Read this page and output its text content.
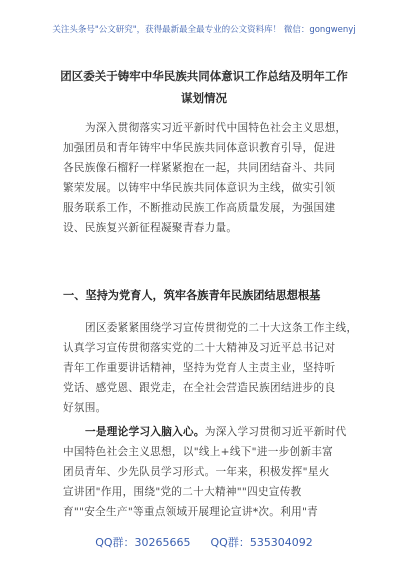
关注头条号"公文研究"，获得最新最全最专业的公文资料库！ 微信：gongwenyj
团区委关于铸牢中华民族共同体意识工作总结及明年工作
谋划情况
为深入贯彻落实习近平新时代中国特色社会主义思想，
加强团员和青年铸牢中华民族共同体意识教育引导，促进
各民族像石榴籽一样紧紧抱在一起，共同团结奋斗、共同
繁荣发展。以铸牢中华民族共同体意识为主线，做实引领
服务联系工作，不断推动民族工作高质量发展，为强国建
设、民族复兴新征程凝聚青春力量。
一、坚持为党育人，筑牢各族青年民族团结思想根基
团区委紧紧围绕学习宣传贯彻党的二十大这条工作主线，
认真学习宣传贯彻落实党的二十大精神及习近平总书记对
青年工作重要讲话精神，坚持为党育人主责主业，坚持听
党话、感党恩、跟党走，在全社会营造民族团结进步的良
好氛围。
一是理论学习入脑入心。为深入学习贯彻习近平新时代
中国特色社会主义思想，以"线上+线下"进一步创新丰富
团员青年、少先队员学习形式。一年来，积极发挥"星火
宣讲团"作用，围绕"党的二十大精神""四史宣传教
育""安全生产"等重点领域开展理论宣讲*次。利用"青
QQ群：30265665 QQ群：535304092
